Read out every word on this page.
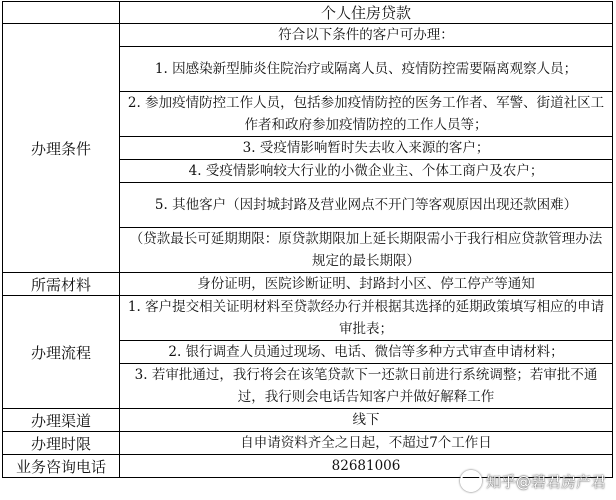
	个人住房贷款
办理条件	符合以下条件的客户可办理：
	1. 因感染新型肺炎住院治疗或隔离人员、疫情防控需要隔离观察人员；
	2. 参加疫情防控工作人员，包括参加疫情防控的医务工作者、军警、街道社区工作者和政府参加疫情防控的工作人员等；
	3. 受疫情影响暂时失去收入来源的客户；
	4. 受疫情影响较大行业的小微企业主、个体工商户及农户；
	5. 其他客户（因封城封路及营业网点不开门等客观原因出现还款困难）
	（贷款最长可延期期限：原贷款期限加上延长期限需小于我行相应贷款管理办法规定的最长期限）
所需材料	身份证明，医院诊断证明、封路封小区、停工停产等通知
办理流程	1. 客户提交相关证明材料至贷款经办行并根据其选择的延期政策填写相应的申请审批表；
	2. 银行调查人员通过现场、电话、微信等多种方式审查申请材料；
	3. 若审批通过，我行将会在该笔贷款下一还款日前进行系统调整；若审批不通过，我行则会电话告知客户并做好解释工作
办理渠道	线下
办理时限	自申请资料齐全之日起，不超过7个工作日
业务咨询电话	82681006
知乎@碧君房产君
